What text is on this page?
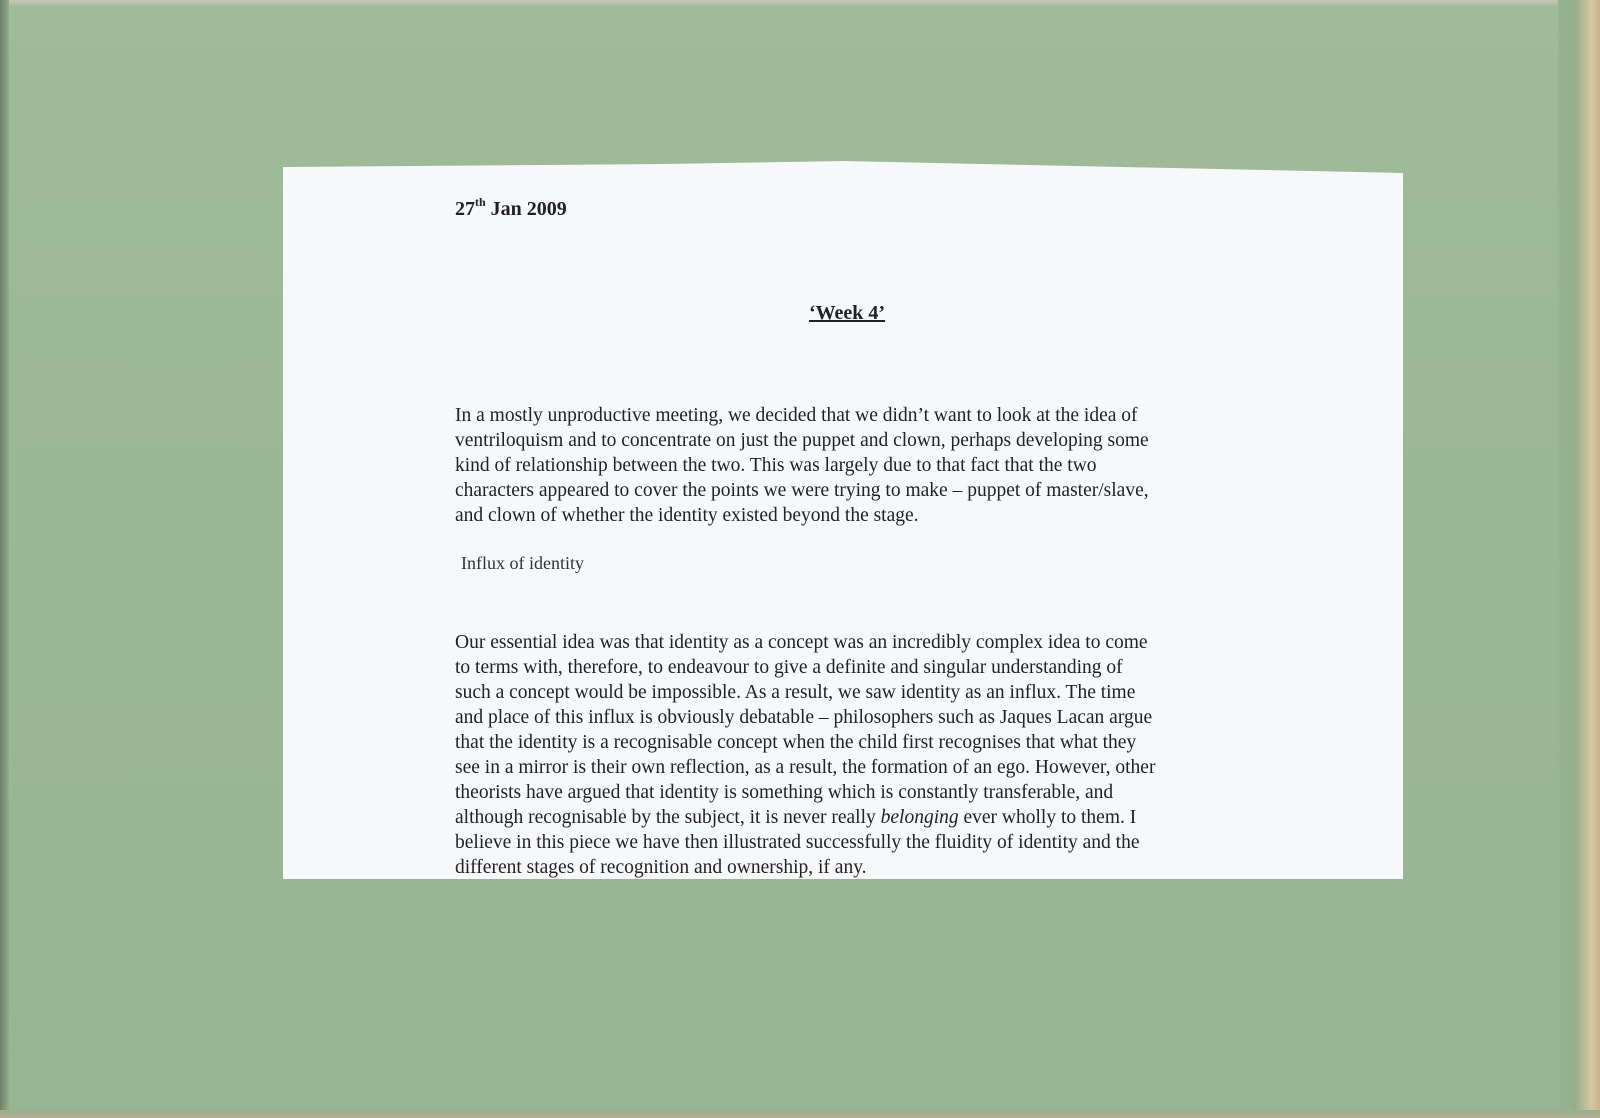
27th Jan 2009
‘Week 4’
In a mostly unproductive meeting, we decided that we didn’t want to look at the idea of
ventriloquism and to concentrate on just the puppet and clown, perhaps developing some
kind of relationship between the two. This was largely due to that fact that the two
characters appeared to cover the points we were trying to make – puppet of master/slave,
and clown of whether the identity existed beyond the stage.
Influx of identity
Our essential idea was that identity as a concept was an incredibly complex idea to come
to terms with, therefore, to endeavour to give a definite and singular understanding of
such a concept would be impossible. As a result, we saw identity as an influx. The time
and place of this influx is obviously debatable – philosophers such as Jaques Lacan argue
that the identity is a recognisable concept when the child first recognises that what they
see in a mirror is their own reflection, as a result, the formation of an ego. However, other
theorists have argued that identity is something which is constantly transferable, and
although recognisable by the subject, it is never really belonging ever wholly to them. I
believe in this piece we have then illustrated successfully the fluidity of identity and the
different stages of recognition and ownership, if any.
